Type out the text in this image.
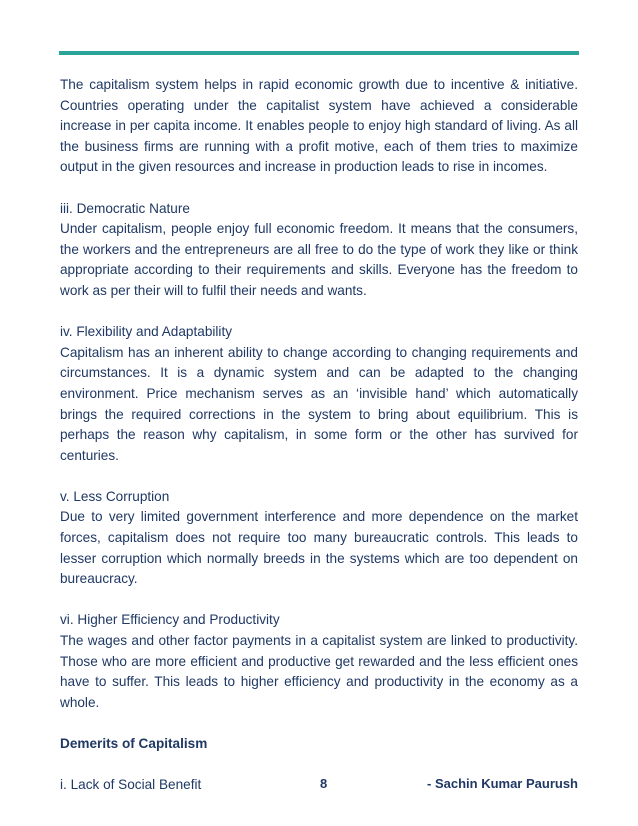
The capitalism system helps in rapid economic growth due to incentive & initiative. Countries operating under the capitalist system have achieved a considerable increase in per capita income. It enables people to enjoy high standard of living. As all the business firms are running with a profit motive, each of them tries to maximize output in the given resources and increase in production leads to rise in incomes.

iii. Democratic Nature

Under capitalism, people enjoy full economic freedom. It means that the consumers, the workers and the entrepreneurs are all free to do the type of work they like or think appropriate according to their requirements and skills. Everyone has the freedom to work as per their will to fulfil their needs and wants.

iv. Flexibility and Adaptability

Capitalism has an inherent ability to change according to changing requirements and circumstances. It is a dynamic system and can be adapted to the changing environment. Price mechanism serves as an ‘invisible hand’ which automatically brings the required corrections in the system to bring about equilibrium. This is perhaps the reason why capitalism, in some form or the other has survived for centuries.

v. Less Corruption

Due to very limited government interference and more dependence on the market forces, capitalism does not require too many bureaucratic controls. This leads to lesser corruption which normally breeds in the systems which are too dependent on bureaucracy.

vi. Higher Efficiency and Productivity

The wages and other factor payments in a capitalist system are linked to productivity. Those who are more efficient and productive get rewarded and the less efficient ones have to suffer. This leads to higher efficiency and productivity in the economy as a whole.

Demerits of Capitalism

i. Lack of Social Benefit	8	- Sachin Kumar Paurush
